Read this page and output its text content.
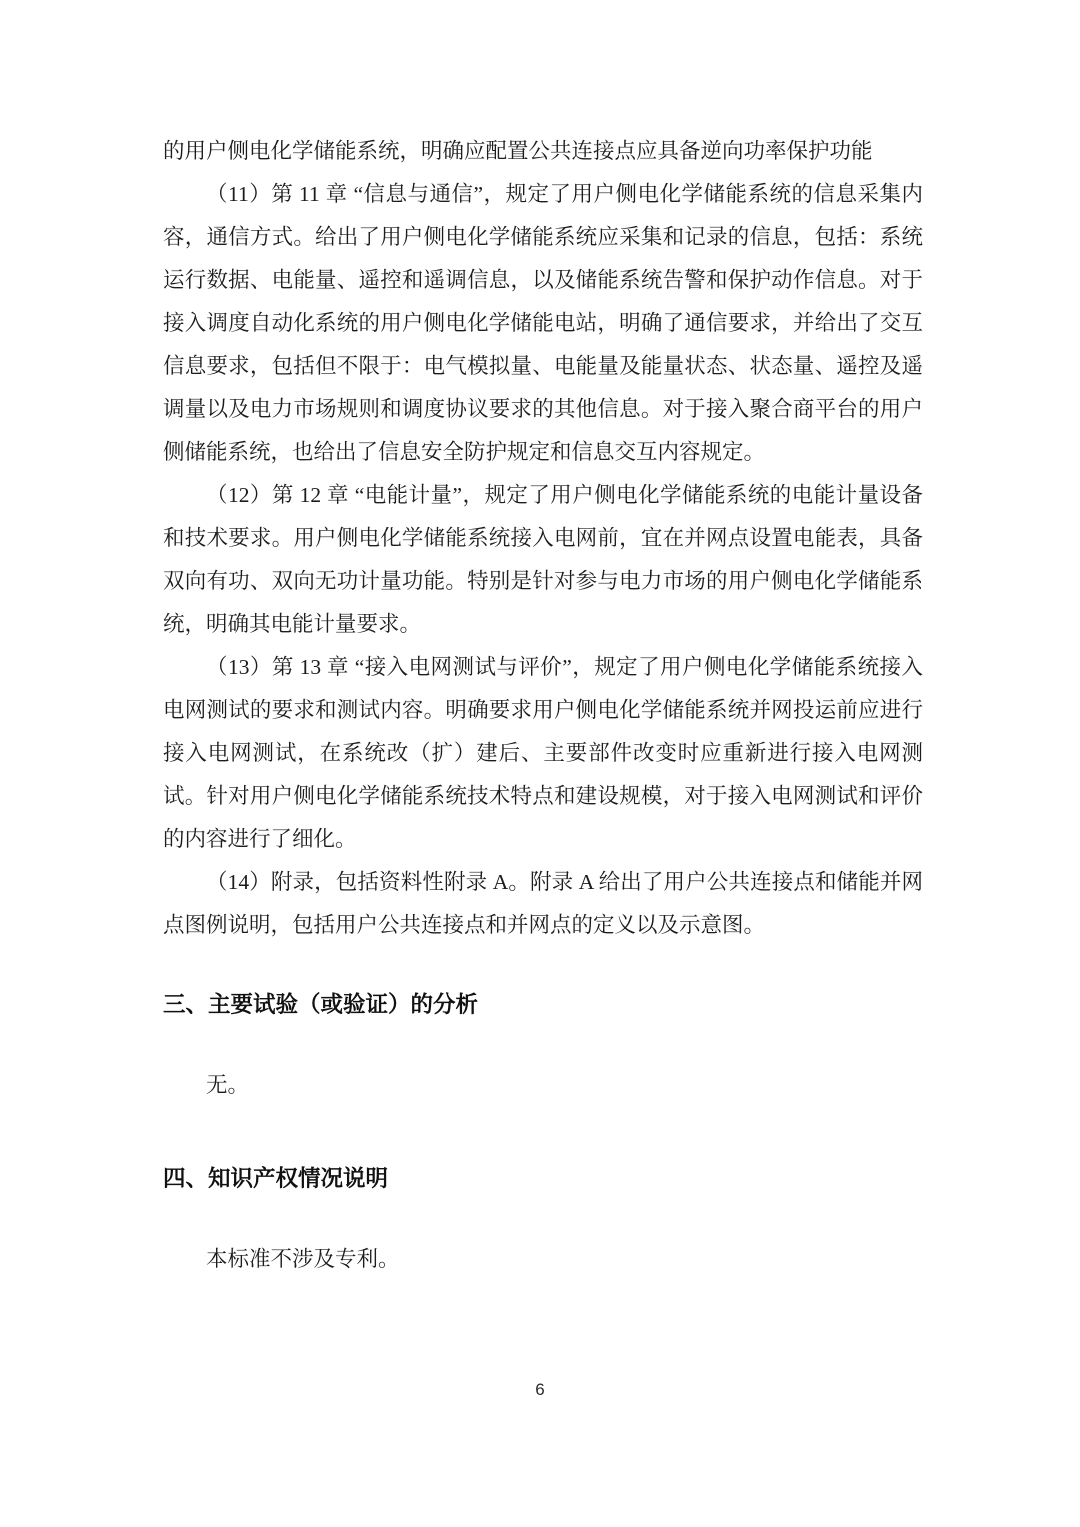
的用户侧电化学储能系统，明确应配置公共连接点应具备逆向功率保护功能

（11）第 11 章 “信息与通信”，规定了用户侧电化学储能系统的信息采集内容，通信方式。给出了用户侧电化学储能系统应采集和记录的信息，包括：系统运行数据、电能量、遥控和遥调信息，以及储能系统告警和保护动作信息。对于接入调度自动化系统的用户侧电化学储能电站，明确了通信要求，并给出了交互信息要求，包括但不限于：电气模拟量、电能量及能量状态、状态量、遥控及遥调量以及电力市场规则和调度协议要求的其他信息。对于接入聚合商平台的用户侧储能系统，也给出了信息安全防护规定和信息交互内容规定。

（12）第 12 章 “电能计量”，规定了用户侧电化学储能系统的电能计量设备和技术要求。用户侧电化学储能系统接入电网前，宜在并网点设置电能表，具备双向有功、双向无功计量功能。特别是针对参与电力市场的用户侧电化学储能系统，明确其电能计量要求。

（13）第 13 章 “接入电网测试与评价”，规定了用户侧电化学储能系统接入电网测试的要求和测试内容。明确要求用户侧电化学储能系统并网投运前应进行接入电网测试，在系统改（扩）建后、主要部件改变时应重新进行接入电网测试。针对用户侧电化学储能系统技术特点和建设规模，对于接入电网测试和评价的内容进行了细化。

（14）附录，包括资料性附录 A。附录 A 给出了用户公共连接点和储能并网点图例说明，包括用户公共连接点和并网点的定义以及示意图。

三、主要试验（或验证）的分析

无。

四、知识产权情况说明

本标准不涉及专利。

6
